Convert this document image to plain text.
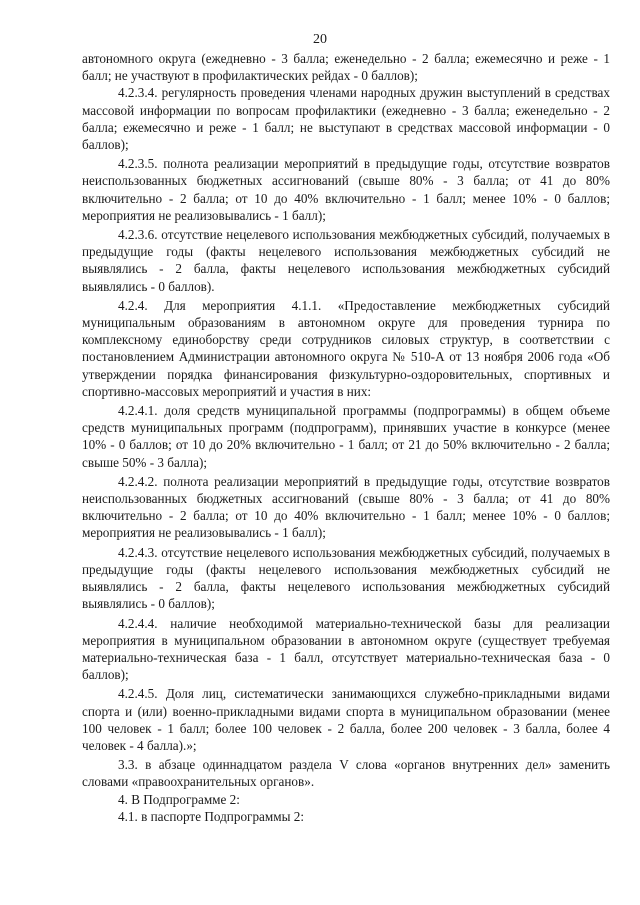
20

автономного округа (ежедневно - 3 балла; еженедельно - 2 балла; ежемесячно и реже - 1 балл; не участвуют в профилактических рейдах - 0 баллов);

4.2.3.4. регулярность проведения членами народных дружин выступлений в средствах массовой информации по вопросам профилактики (ежедневно - 3 балла; еженедельно - 2 балла; ежемесячно и реже - 1 балл; не выступают в средствах массовой информации - 0 баллов);

4.2.3.5. полнота реализации мероприятий в предыдущие годы, отсутствие возвратов неиспользованных бюджетных ассигнований (свыше 80% - 3 балла; от 41 до 80% включительно - 2 балла; от 10 до 40% включительно - 1 балл; менее 10% - 0 баллов; мероприятия не реализовывались - 1 балл);

4.2.3.6. отсутствие нецелевого использования межбюджетных субсидий, получаемых в предыдущие годы (факты нецелевого использования межбюджетных субсидий не выявлялись - 2 балла, факты нецелевого использования межбюджетных субсидий выявлялись - 0 баллов).

4.2.4. Для мероприятия 4.1.1. «Предоставление межбюджетных субсидий муниципальным образованиям в автономном округе для проведения турнира по комплексному единоборству среди сотрудников силовых структур, в соответствии с постановлением Администрации автономного округа № 510-А от 13 ноября 2006 года «Об утверждении порядка финансирования физкультурно-оздоровительных, спортивных и спортивно-массовых мероприятий и участия в них:

4.2.4.1. доля средств муниципальной программы (подпрограммы) в общем объеме средств муниципальных программ (подпрограмм), принявших участие в конкурсе (менее 10% - 0 баллов; от 10 до 20% включительно - 1 балл; от 21 до 50% включительно - 2 балла; свыше 50% - 3 балла);

4.2.4.2. полнота реализации мероприятий в предыдущие годы, отсутствие возвратов неиспользованных бюджетных ассигнований (свыше 80% - 3 балла; от 41 до 80% включительно - 2 балла; от 10 до 40% включительно - 1 балл; менее 10% - 0 баллов; мероприятия не реализовывались - 1 балл);

4.2.4.3. отсутствие нецелевого использования межбюджетных субсидий, получаемых в предыдущие годы (факты нецелевого использования межбюджетных субсидий не выявлялись - 2 балла, факты нецелевого использования межбюджетных субсидий выявлялись - 0 баллов);

4.2.4.4. наличие необходимой материально-технической базы для реализации мероприятия в муниципальном образовании в автономном округе (существует требуемая материально-техническая база - 1 балл, отсутствует материально-техническая база - 0 баллов);

4.2.4.5. Доля лиц, систематически занимающихся служебно-прикладными видами спорта и (или) военно-прикладными видами спорта в муниципальном образовании (менее 100 человек - 1 балл; более 100 человек - 2 балла, более 200 человек - 3 балла, более 4 человек - 4 балла).»;

3.3. в абзаце одиннадцатом раздела V слова «органов внутренних дел» заменить словами «правоохранительных органов».

4. В Подпрограмме 2:

4.1. в паспорте Подпрограммы 2:
